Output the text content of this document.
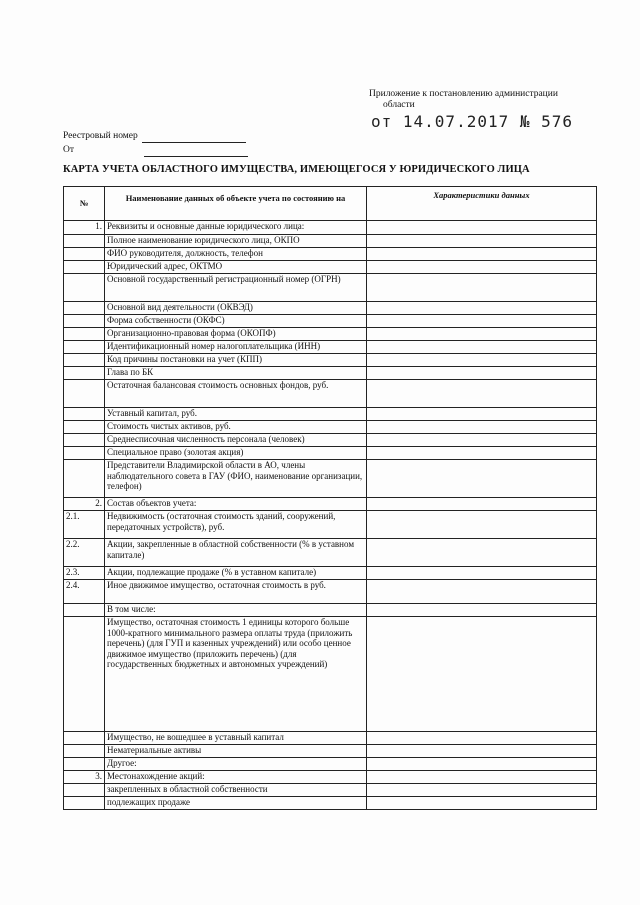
Приложение к постановлению администрации
области
от 14.07.2017 № 576
Реестровый номер
От
КАРТА УЧЕТА ОБЛАСТНОГО ИМУЩЕСТВА, ИМЕЮЩЕГОСЯ У ЮРИДИЧЕСКОГО ЛИЦА
№	Наименование данных об объекте учета по состоянию на	Характеристики данных
1.	Реквизиты и основные данные юридического лица:	
	Полное наименование юридического лица, ОКПО	
	ФИО руководителя, должность, телефон	
	Юридический адрес, ОКТМО	
	Основной государственный регистрационный номер (ОГРН)	
	Основной вид деятельности (ОКВЭД)	
	Форма собственности (ОКФС)	
	Организационно-правовая форма (ОКОПФ)	
	Идентификационный номер налогоплательщика (ИНН)	
	Код причины постановки на учет (КПП)	
	Глава по БК	
	Остаточная балансовая стоимость основных фондов, руб.	
	Уставный капитал, руб.	
	Стоимость чистых активов, руб.	
	Среднесписочная численность персонала (человек)	
	Специальное право (золотая акция)	
	Представители Владимирской области в АО, члены наблюдательного совета в ГАУ (ФИО, наименование организации, телефон)	
2.	Состав объектов учета:	
2.1.	Недвижимость (остаточная стоимость зданий, сооружений, передаточных устройств), руб.	
2.2.	Акции, закрепленные в областной собственности (% в уставном капитале)	
2.3.	Акции, подлежащие продаже (% в уставном капитале)	
2.4.	Иное движимое имущество, остаточная стоимость в руб.	
	В том числе:	
	Имущество, остаточная стоимость 1 единицы которого больше 1000-кратного минимального размера оплаты труда (приложить перечень) (для ГУП и казенных учреждений) или особо ценное движимое имущество (приложить перечень) (для государственных бюджетных и автономных учреждений)	
	Имущество, не вошедшее в уставный капитал	
	Нематериальные активы	
	Другое:	
3.	Местонахождение акций:	
	закрепленных в областной собственности	
	подлежащих продаже	
